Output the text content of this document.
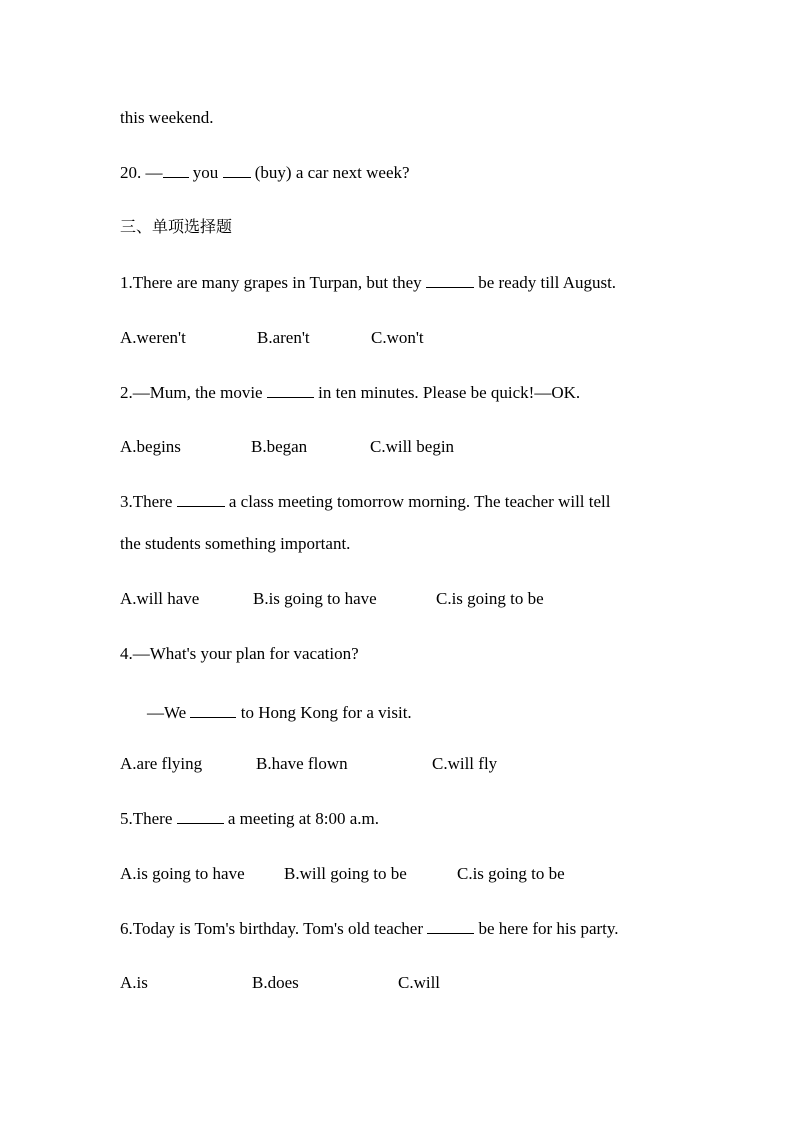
this weekend.
20. — you  (buy) a car next week?
三、单项选择题
1.There are many grapes in Turpan, but they	be ready till August.
A.weren't	B.aren't	C.won't
2.—Mum, the movie	in ten minutes. Please be quick!—OK.
A.begins	B.began	C.will begin
3.There	a class meeting tomorrow morning. The teacher will tell
the students something important.
A.will have	B.is going to have	C.is going to be
4.—What's your plan for vacation?
—We	to Hong Kong for a visit.
A.are flying	B.have flown	C.will fly
5.There	a meeting at 8:00 a.m.
A.is going to have B.will going to be	C.is going to be
6.Today is Tom's birthday. Tom's old teacher	be here for his party.
A.is	B.does	C.will
